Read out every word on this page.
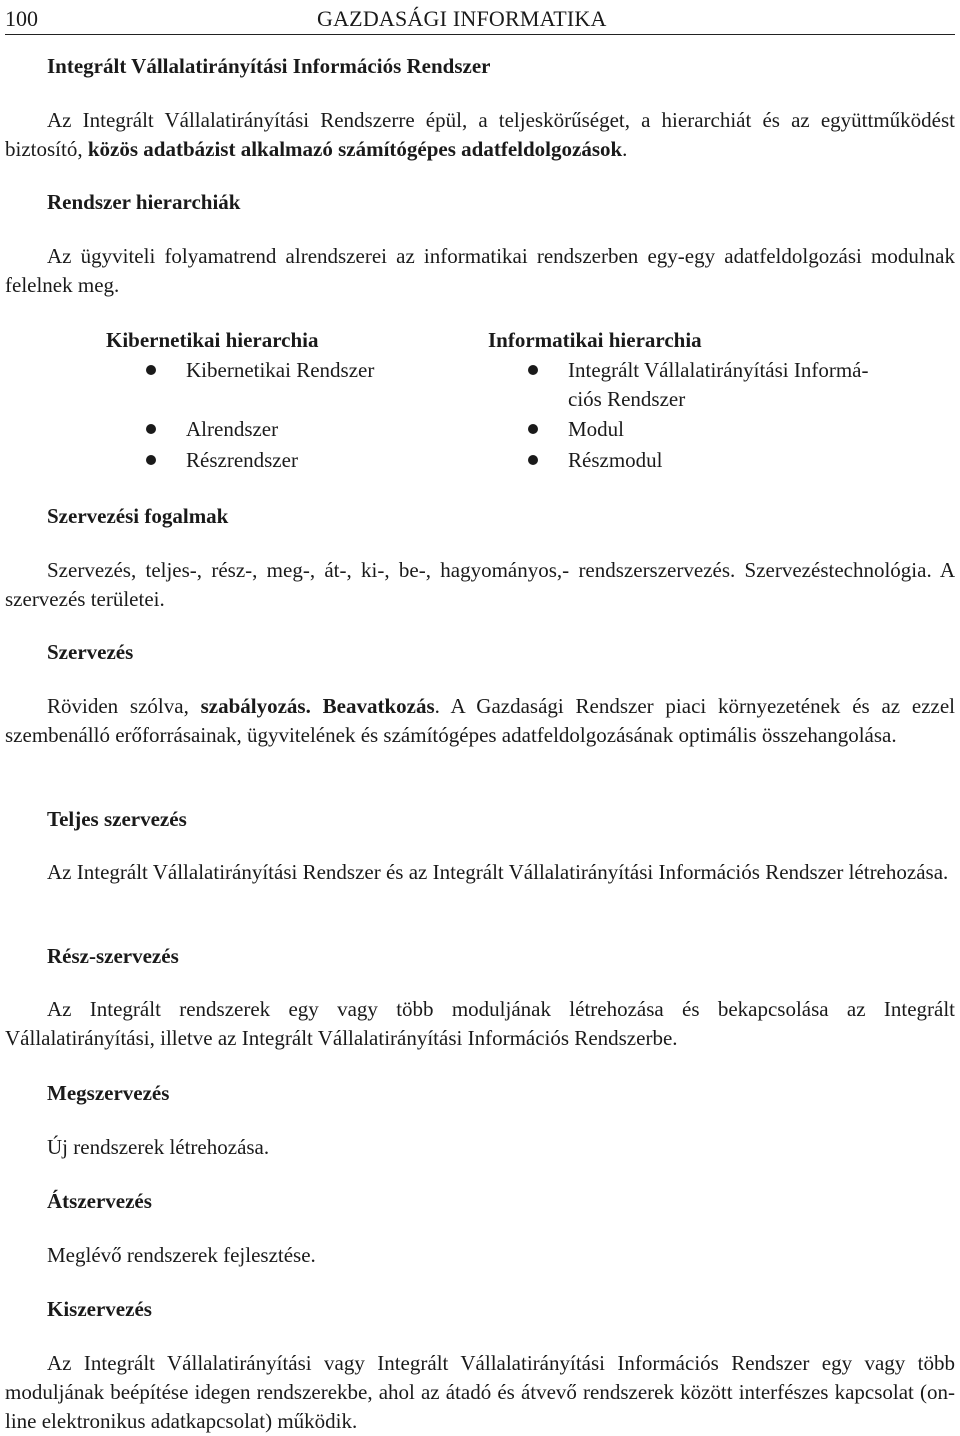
100	GAZDASÁGI INFORMATIKA
Integrált Vállalatirányítási Információs Rendszer
Az Integrált Vállalatirányítási Rendszerre épül, a teljeskörűséget, a hierarchiát és az együttműködést biztosító, közös adatbázist alkalmazó számítógépes adatfeldolgozások.
Rendszer hierarchiák
Az ügyviteli folyamatrend alrendszerei az informatikai rendszerben egy-egy adatfeldolgozási modulnak felelnek meg.
Kibernetikai hierarchia
Kibernetikai Rendszer
Alrendszer
Részrendszer
Informatikai hierarchia
Integrált Vállalatirányítási Informá-
ciós Rendszer
Modul
Részmodul
Szervezési fogalmak
Szervezés, teljes-, rész-, meg-, át-, ki-, be-, hagyományos,- rendszerszervezés. Szervezéstechnológia. A szervezés területei.
Szervezés
Röviden szólva, szabályozás. Beavatkozás. A Gazdasági Rendszer piaci környezetének és az ezzel szembenálló erőforrásainak, ügyvitelének és számítógépes adatfeldolgozásának optimális összehangolása.
Teljes szervezés
Az Integrált Vállalatirányítási Rendszer és az Integrált Vállalatirányítási Információs Rendszer létrehozása.
Rész-szervezés
Az Integrált rendszerek egy vagy több moduljának létrehozása és bekapcsolása az Integrált Vállalatirányítási, illetve az Integrált Vállalatirányítási Információs Rendszerbe.
Megszervezés
Új rendszerek létrehozása.
Átszervezés
Meglévő rendszerek fejlesztése.
Kiszervezés
Az Integrált Vállalatirányítási vagy Integrált Vállalatirányítási Információs Rendszer egy vagy több moduljának beépítése idegen rendszerekbe, ahol az átadó és átvevő rendszerek között interfészes kapcsolat (on-line elektronikus adatkapcsolat) működik.
